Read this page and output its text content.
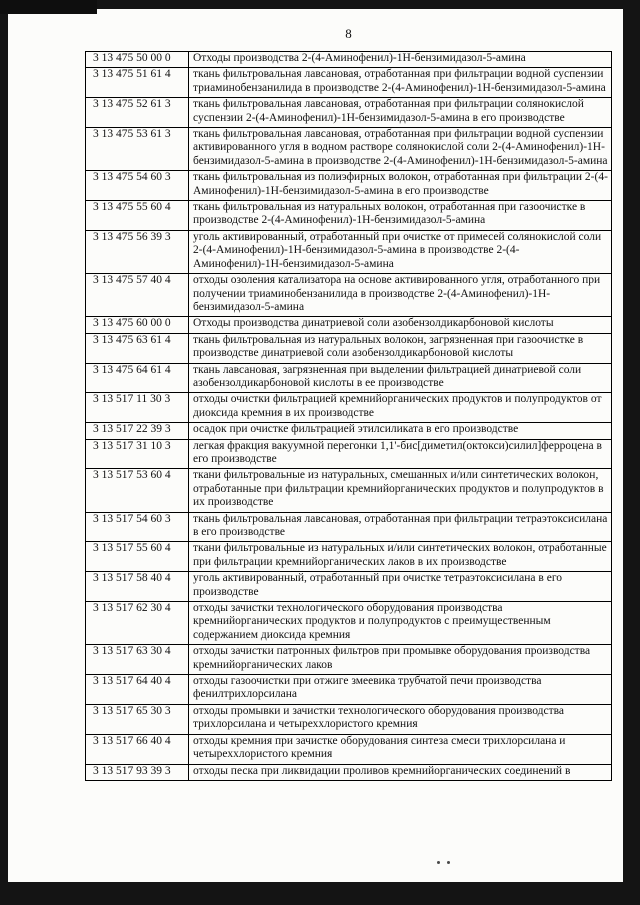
8
3 13 475 50 00 0	Отходы производства 2-(4-Аминофенил)-1Н-бензимидазол-5-амина
3 13 475 51 61 4	ткань фильтровальная лавсановая, отработанная при фильтрации водной суспензии триаминобензанилида в производстве 2-(4-Аминофенил)-1Н-бензимидазол-5-амина
3 13 475 52 61 3	ткань фильтровальная лавсановая, отработанная при фильтрации солянокислой суспензии 2-(4-Аминофенил)-1Н-бензимидазол-5-амина в его производстве
3 13 475 53 61 3	ткань фильтровальная лавсановая, отработанная при фильтрации водной суспензии активированного угля в водном растворе солянокислой соли 2-(4-Аминофенил)-1Н-бензимидазол-5-амина в производстве 2-(4-Аминофенил)-1Н-бензимидазол-5-амина
3 13 475 54 60 3	ткань фильтровальная из полиэфирных волокон, отработанная при фильтрации 2-(4-Аминофенил)-1Н-бензимидазол-5-амина в его производстве
3 13 475 55 60 4	ткань фильтровальная из натуральных волокон, отработанная при газоочистке в производстве 2-(4-Аминофенил)-1Н-бензимидазол-5-амина
3 13 475 56 39 3	уголь активированный, отработанный при очистке от примесей солянокислой соли 2-(4-Аминофенил)-1Н-бензимидазол-5-амина в производстве 2-(4-Аминофенил)-1Н-бензимидазол-5-амина
3 13 475 57 40 4	отходы озоления катализатора на основе активированного угля, отработанного при получении триаминобензанилида в производстве 2-(4-Аминофенил)-1Н-бензимидазол-5-амина
3 13 475 60 00 0	Отходы производства динатриевой соли азобензолдикарбоновой кислоты
3 13 475 63 61 4	ткань фильтровальная из натуральных волокон, загрязненная при газоочистке в производстве динатриевой соли азобензолдикарбоновой кислоты
3 13 475 64 61 4	ткань лавсановая, загрязненная при выделении фильтрацией динатриевой соли азобензолдикарбоновой кислоты в ее производстве
3 13 517 11 30 3	отходы очистки фильтрацией кремнийорганических продуктов и полупродуктов от диоксида кремния в их производстве
3 13 517 22 39 3	осадок при очистке фильтрацией этилсиликата в его производстве
3 13 517 31 10 3	легкая фракция вакуумной перегонки 1,1'-бис[диметил(октокси)силил]ферроцена в его производстве
3 13 517 53 60 4	ткани фильтровальные из натуральных, смешанных и/или синтетических волокон, отработанные при фильтрации кремнийорганических продуктов и полупродуктов в их производстве
3 13 517 54 60 3	ткань фильтровальная лавсановая, отработанная при фильтрации тетраэтоксисилана в его производстве
3 13 517 55 60 4	ткани фильтровальные из натуральных и/или синтетических волокон, отработанные при фильтрации кремнийорганических лаков в их производстве
3 13 517 58 40 4	уголь активированный, отработанный при очистке тетраэтоксисилана в его производстве
3 13 517 62 30 4	отходы зачистки технологического оборудования производства кремнийорганических продуктов и полупродуктов с преимущественным содержанием диоксида кремния
3 13 517 63 30 4	отходы зачистки патронных фильтров при промывке оборудования производства кремнийорганических лаков
3 13 517 64 40 4	отходы газоочистки при отжиге змеевика трубчатой печи производства фенилтрихлорсилана
3 13 517 65 30 3	отходы промывки и зачистки технологического оборудования производства трихлорсилана и четыреххлористого кремния
3 13 517 66 40 4	отходы кремния при зачистке оборудования синтеза смеси трихлорсилана и четыреххлористого кремния
3 13 517 93 39 3	отходы песка при ликвидации проливов кремнийорганических соединений в
